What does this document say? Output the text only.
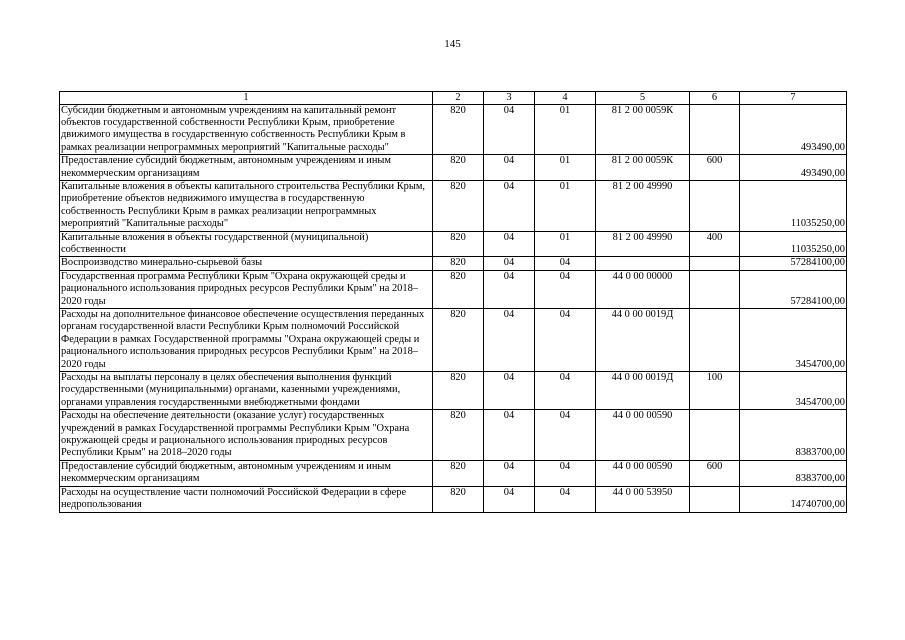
145
1	2	3	4	5	6	7
Субсидии бюджетным и автономным учреждениям на капитальный ремонт объектов государственной собственности Республики Крым, приобретение движимого имущества в государственную собственность Республики Крым в рамках реализации непрограммных мероприятий "Капитальные расходы"	820	04	01	81 2 00 0059К		493490,00
Предоставление субсидий бюджетным, автономным учреждениям и иным некоммерческим организациям	820	04	01	81 2 00 0059К	600	493490,00
Капитальные вложения в объекты капитального строительства Республики Крым, приобретение объектов недвижимого имущества в государственную собственность Республики Крым в рамках реализации непрограммных мероприятий "Капитальные расходы"	820	04	01	81 2 00 49990		11035250,00
Капитальные вложения в объекты государственной (муниципальной) собственности	820	04	01	81 2 00 49990	400	11035250,00
Воспроизводство минерально-сырьевой базы	820	04	04			57284100,00
Государственная программа Республики Крым "Охрана окружающей среды и рационального использования природных ресурсов Республики Крым" на 2018–2020 годы	820	04	04	44 0 00 00000		57284100,00
Расходы на дополнительное финансовое обеспечение осуществления переданных органам государственной власти Республики Крым полномочий Российской Федерации в рамках Государственной программы "Охрана окружающей среды и рационального использования природных ресурсов Республики Крым" на 2018–2020 годы	820	04	04	44 0 00 0019Д		3454700,00
Расходы на выплаты персоналу в целях обеспечения выполнения функций государственными (муниципальными) органами, казенными учреждениями, органами управления государственными внебюджетными фондами	820	04	04	44 0 00 0019Д	100	3454700,00
Расходы на обеспечение деятельности (оказание услуг) государственных учреждений в рамках Государственной программы Республики Крым "Охрана окружающей среды и рационального использования природных ресурсов Республики Крым" на 2018–2020 годы	820	04	04	44 0 00 00590		8383700,00
Предоставление субсидий бюджетным, автономным учреждениям и иным некоммерческим организациям	820	04	04	44 0 00 00590	600	8383700,00
Расходы на осуществление части полномочий Российской Федерации в сфере недропользования	820	04	04	44 0 00 53950		14740700,00
